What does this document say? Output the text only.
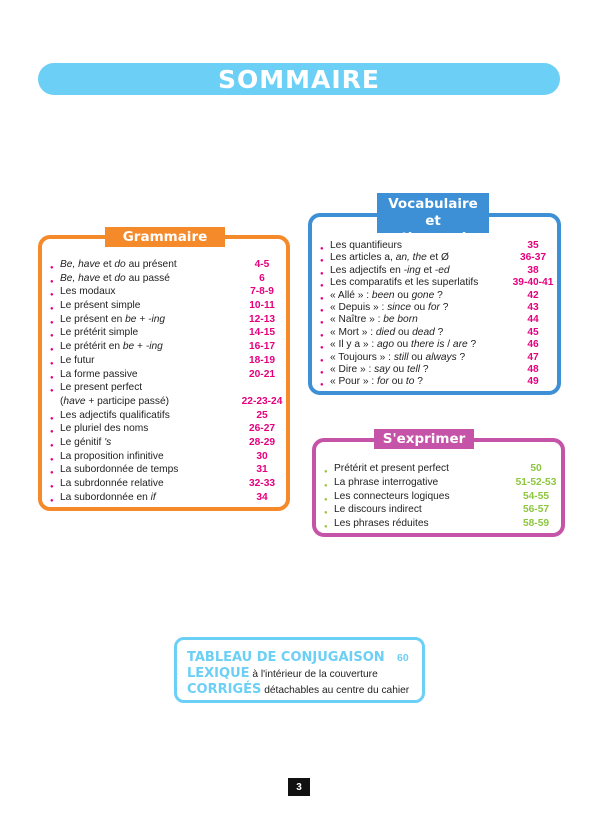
SOMMAIRE
● Be, have et do au présent	4-5
● Be, have et do au passé	6
● Les modaux	7-8-9
● Le présent simple	10-11
● Le présent en be + -ing	12-13
● Le prétérit simple	14-15
● Le prétérit en be + -ing	16-17
● Le futur	18-19
● La forme passive	20-21
● Le present perfect
(have + participe passé)	22-23-24
● Les adjectifs qualificatifs	25
● Le pluriel des noms	26-27
● Le génitif 's	28-29
● La proposition infinitive	30
● La subordonnée de temps	31
● La subrdonnée relative	32-33
● La subordonnée en if	34
Grammaire
● Les quantifieurs	35
● Les articles a, an, the et Ø	36-37
● Les adjectifs en -ing et -ed	38
● Les comparatifs et les superlatifs	39-40-41
● « Allé » : been ou gone ?	42
● « Depuis » : since ou for ?	43
● « Naître » : be born	44
● « Mort » : died ou dead ?	45
● « Il y a » : ago ou there is / are ?	46
● « Toujours » : still ou always ?	47
● « Dire » : say ou tell ?	48
● « Pour » : for ou to ?	49
Vocabulaire
et orthographe
● Prétérit et present perfect	50
● La phrase interrogative	51-52-53
● Les connecteurs logiques	54-55
● Le discours indirect	56-57
● Les phrases réduites	58-59
S'exprimer
TABLEAU DE CONJUGAISON 60
LEXIQUE à l'intérieur de la couverture
CORRIGÉS détachables au centre du cahier
3
